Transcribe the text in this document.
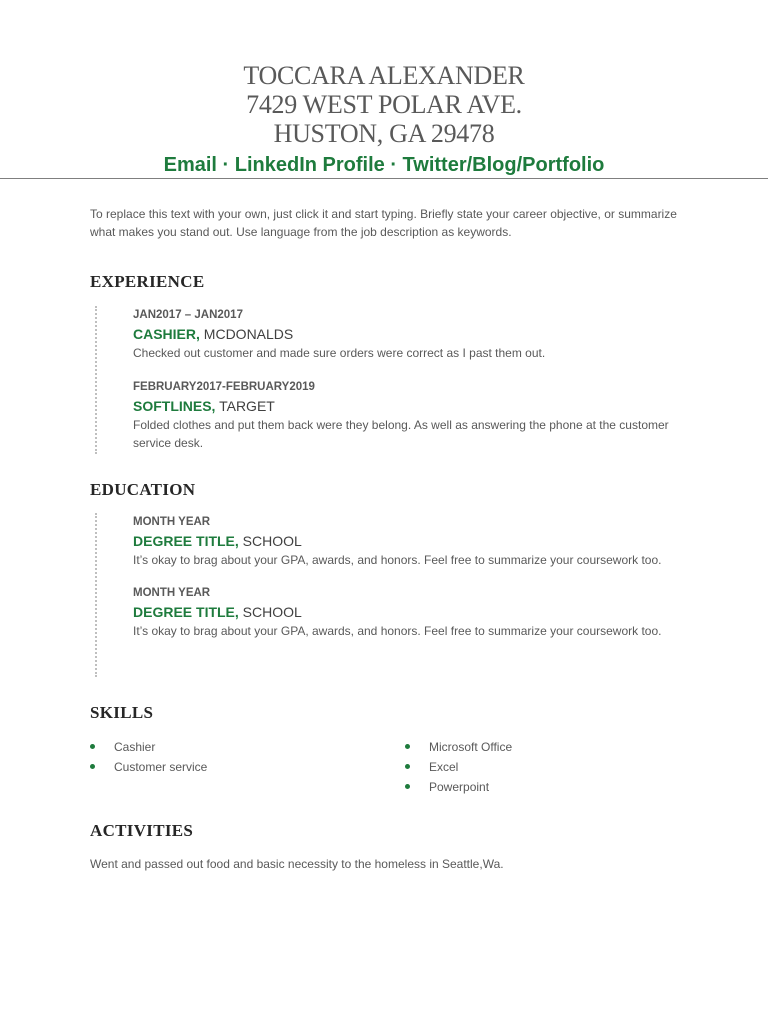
TOCCARA ALEXANDER
7429 WEST POLAR AVE.
HUSTON, GA 29478
Email · LinkedIn Profile · Twitter/Blog/Portfolio
To replace this text with your own, just click it and start typing. Briefly state your career objective, or summarize what makes you stand out. Use language from the job description as keywords.
EXPERIENCE
JAN2017 – JAN2017
CASHIER, MCDONALDS
Checked out customer and made sure orders were correct as I past them out.
FEBRUARY2017-FEBRUARY2019
SOFTLINES, TARGET
Folded clothes and put them back were they belong. As well as answering the phone at the customer service desk.
EDUCATION
MONTH YEAR
DEGREE TITLE, SCHOOL
It’s okay to brag about your GPA, awards, and honors. Feel free to summarize your coursework too.
MONTH YEAR
DEGREE TITLE, SCHOOL
It’s okay to brag about your GPA, awards, and honors. Feel free to summarize your coursework too.
SKILLS
Cashier
Customer service
Microsoft Office
Excel
Powerpoint
ACTIVITIES
Went and passed out food and basic necessity to the homeless in Seattle,Wa.
